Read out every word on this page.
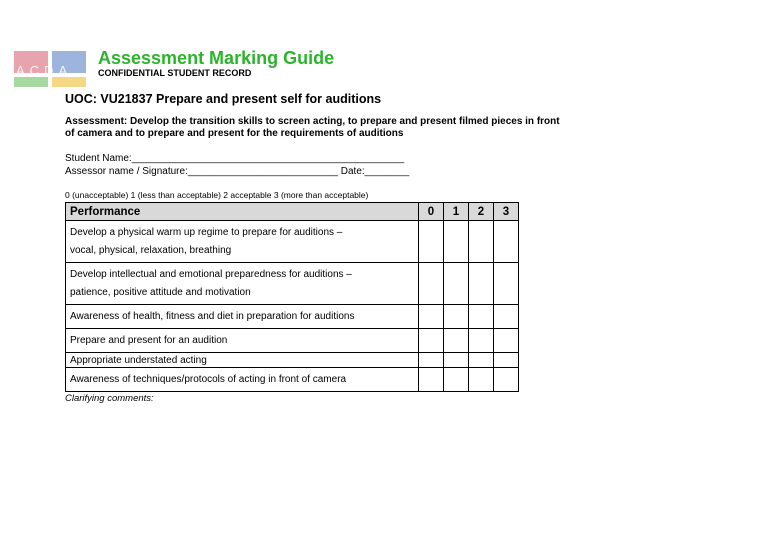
ACDA
Assessment Marking Guide
CONFIDENTIAL STUDENT RECORD
UOC: VU21837 Prepare and present self for auditions
Assessment: Develop the transition skills to screen acting, to prepare and present filmed pieces in front of camera and to prepare and present for the requirements of auditions
Student Name:_________________________________________________
Assessor name / Signature:___________________________ Date:________
0 (unacceptable) 1 (less than acceptable) 2 acceptable 3 (more than acceptable)
Performance	0	1	2	3

Develop a physical warm up regime to prepare for auditions –
vocal, physical, relaxation, breathing				

Develop intellectual and emotional preparedness for auditions –
patience, positive attitude and motivation				

Awareness of health, fitness and diet in preparation for auditions				

Prepare and present for an audition				

Appropriate understated acting				

Awareness of techniques/protocols of acting in front of camera				

Clarifying comments:
